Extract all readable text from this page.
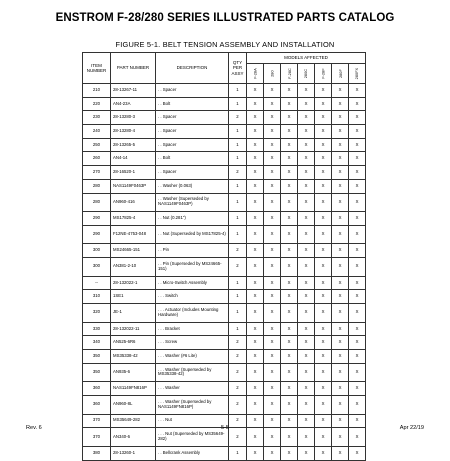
ENSTROM F-28/280 SERIES ILLUSTRATED PARTS CATALOG
FIGURE 5-1. BELT TENSION ASSEMBLY AND INSTALLATION
ITEM NUMBER	PART NUMBER	DESCRIPTION	QTY PER ASSY	MODELS AFFECTED						
				F-28A	280	F-28C	280C	F-28F	280F	280FX
210	28-13267-11	. . Spacer	1	X	X	X	X	X	X	X
220	AN4-23A	. . Bolt	1	X	X	X	X	X	X	X
230	28-13280-3	. . Spacer	2	X	X	X	X	X	X	X
240	28-13280-4	. . Spacer	1	X	X	X	X	X	X	X
250	28-13265-5	. . Spacer	1	X	X	X	X	X	X	X
260	AN4-14	. . Bolt	1	X	X	X	X	X	X	X
270	28-16520-1	. . Spacer	2	X	X	X	X	X	X	X
280	NAS1149F0463P	. . Washer (0.063)	1	X	X	X	X	X	X	X
280	AN960-416	. . Washer (Superseded by NAS1149F0463P)	1	X	X	X	X	X	X	X
290	MS17825-4	. . Nut (0.281")	1	X	X	X	X	X	X	X
290	F12NE-4753-048	. . Nut (Superseded by MS17825-4)	1	X	X	X	X	X	X	X
300	MS24665-151	. . Pin	2	X	X	X	X	X	X	X
300	AN381-2-10	. . Pin (Superseded by MS24665-151)	2	X	X	X	X	X	X	X
--	28-132022-1	. . Micro-Switch Assembly	1	X	X	X	X	X	X	X
310	1SE1	. . . Switch	1	X	X	X	X	X	X	X
320	JE-1	. . . Actuator (Includes Mounting Hardware)	1	X	X	X	X	X	X	X
330	28-132022-11	. . . Bracket	1	X	X	X	X	X	X	X
340	AN525-6R6	. . . Screw	2	X	X	X	X	X	X	X
350	MS35338-42	. . . Washer (#6 Lite)	2	X	X	X	X	X	X	X
350	AN935-6	. . . Washer (Superseded by MS35338-42)	2	X	X	X	X	X	X	X
360	NAS1149FN816P	. . . Washer	2	X	X	X	X	X	X	X
360	AN960-8L	. . . Washer (Superseded by NAS1149FN816P)	2	X	X	X	X	X	X	X
370	MS35649-282	. . . Nut	2	X	X	X	X	X	X	X
370	AN340-6	. . . Nut (Superseded by MS35649-282)	2	X	X	X	X	X	X	X
380	28-13260-1	. . Bellcrank Assembly	1	X	X	X	X	X	X	X
Rev. 6	5-5	Apr 22/19
